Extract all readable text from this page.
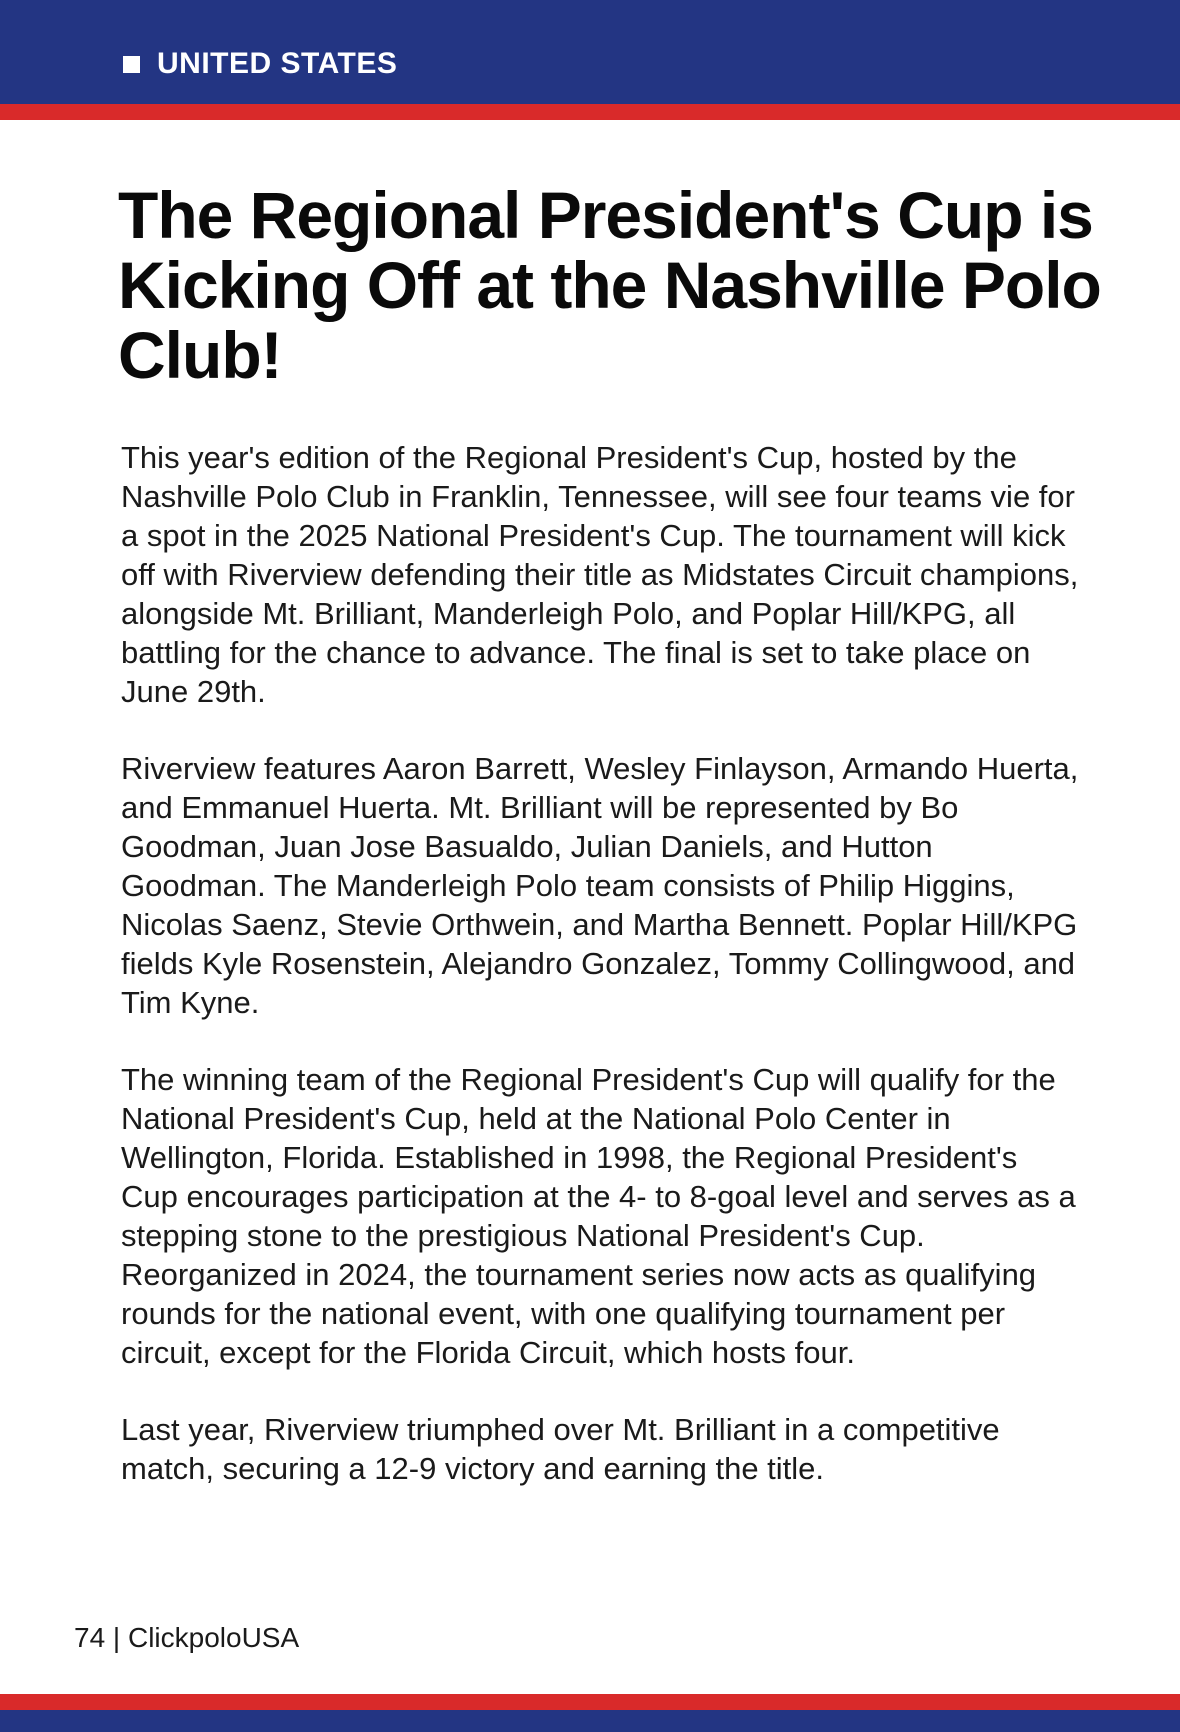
UNITED STATES
The Regional President's Cup is Kicking Off at the Nashville Polo Club!

This year's edition of the Regional President's Cup, hosted by the Nashville Polo Club in Franklin, Tennessee, will see four teams vie for a spot in the 2025 National President's Cup. The tournament will kick off with Riverview defending their title as Midstates Circuit champions, alongside Mt. Brilliant, Manderleigh Polo, and Poplar Hill/KPG, all battling for the chance to advance. The final is set to take place on June 29th.

Riverview features Aaron Barrett, Wesley Finlayson, Armando Huerta, and Emmanuel Huerta. Mt. Brilliant will be represented by Bo Goodman, Juan Jose Basualdo, Julian Daniels, and Hutton Goodman. The Manderleigh Polo team consists of Philip Higgins, Nicolas Saenz, Stevie Orthwein, and Martha Bennett. Poplar Hill/KPG fields Kyle Rosenstein, Alejandro Gonzalez, Tommy Collingwood, and Tim Kyne.

The winning team of the Regional President's Cup will qualify for the National President's Cup, held at the National Polo Center in Wellington, Florida. Established in 1998, the Regional President's Cup encourages participation at the 4- to 8-goal level and serves as a stepping stone to the prestigious National President's Cup. Reorganized in 2024, the tournament series now acts as qualifying rounds for the national event, with one qualifying tournament per circuit, except for the Florida Circuit, which hosts four.

Last year, Riverview triumphed over Mt. Brilliant in a competitive match, securing a 12-9 victory and earning the title.

74 | ClickpoloUSA
